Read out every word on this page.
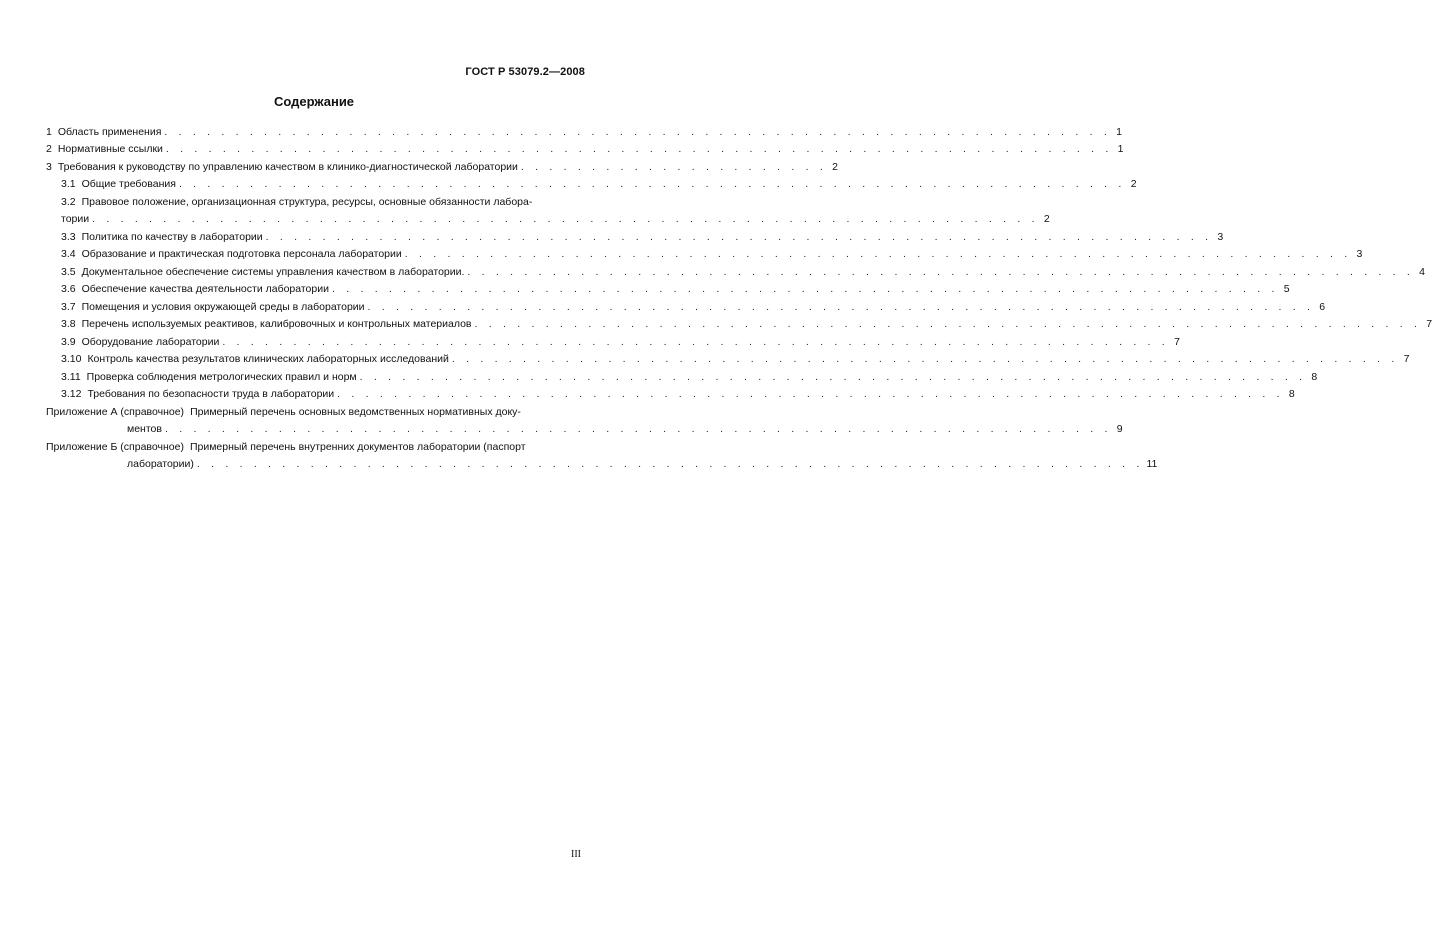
ГОСТ Р 53079.2—2008
Содержание
1 Область применения . . . . . . . . . . . . . . . . . . . . . . . . . . . . . . . . . . . . . . . . . . . . . . . . . . . . . . . . . . . . . . . . . . . 1
2 Нормативные ссылки . . . . . . . . . . . . . . . . . . . . . . . . . . . . . . . . . . . . . . . . . . . . . . . . . . . . . . . . . . . . . . . . . . . 1
3 Требования к руководству по управлению качеством в клинико-диагностической лаборатории . . . . . . . . . . . . . . . . . . . . . . 2
3.1 Общие требования . . . . . . . . . . . . . . . . . . . . . . . . . . . . . . . . . . . . . . . . . . . . . . . . . . . . . . . . . . . . . . . . . . . 2
3.2 Правовое положение, организационная структура, ресурсы, основные обязанности лабора-
тории . . . . . . . . . . . . . . . . . . . . . . . . . . . . . . . . . . . . . . . . . . . . . . . . . . . . . . . . . . . . . . . . . . . 2
3.3 Политика по качеству в лаборатории . . . . . . . . . . . . . . . . . . . . . . . . . . . . . . . . . . . . . . . . . . . . . . . . . . . . . . . . . . . . . . . . . . . 3
3.4 Образование и практическая подготовка персонала лаборатории . . . . . . . . . . . . . . . . . . . . . . . . . . . . . . . . . . . . . . . . . . . . . . . . . . . . . . . . . . . . . . . . . . . 3
3.5 Документальное обеспечение системы управления качеством в лаборатории. . . . . . . . . . . . . . . . . . . . . . . . . . . . . . . . . . . . . . . . . . . . . . . . . . . . . . . . . . . . . . . . . . . . 4
3.6 Обеспечение качества деятельности лаборатории . . . . . . . . . . . . . . . . . . . . . . . . . . . . . . . . . . . . . . . . . . . . . . . . . . . . . . . . . . . . . . . . . . . 5
3.7 Помещения и условия окружающей среды в лаборатории . . . . . . . . . . . . . . . . . . . . . . . . . . . . . . . . . . . . . . . . . . . . . . . . . . . . . . . . . . . . . . . . . . . 6
3.8 Перечень используемых реактивов, калибровочных и контрольных материалов . . . . . . . . . . . . . . . . . . . . . . . . . . . . . . . . . . . . . . . . . . . . . . . . . . . . . . . . . . . . . . . . . . . 7
3.9 Оборудование лаборатории . . . . . . . . . . . . . . . . . . . . . . . . . . . . . . . . . . . . . . . . . . . . . . . . . . . . . . . . . . . . . . . . . . . 7
3.10 Контроль качества результатов клинических лабораторных исследований . . . . . . . . . . . . . . . . . . . . . . . . . . . . . . . . . . . . . . . . . . . . . . . . . . . . . . . . . . . . . . . . . . . 7
3.11 Проверка соблюдения метрологических правил и норм . . . . . . . . . . . . . . . . . . . . . . . . . . . . . . . . . . . . . . . . . . . . . . . . . . . . . . . . . . . . . . . . . . . 8
3.12 Требования по безопасности труда в лаборатории . . . . . . . . . . . . . . . . . . . . . . . . . . . . . . . . . . . . . . . . . . . . . . . . . . . . . . . . . . . . . . . . . . . 8
Приложение А (справочное) Примерный перечень основных ведомственных нормативных доку-
ментов . . . . . . . . . . . . . . . . . . . . . . . . . . . . . . . . . . . . . . . . . . . . . . . . . . . . . . . . . . . . . . . . . . . 9
Приложение Б (справочное) Примерный перечень внутренних документов лаборатории (паспорт
лаборатории) . . . . . . . . . . . . . . . . . . . . . . . . . . . . . . . . . . . . . . . . . . . . . . . . . . . . . . . . . . . . . . . . . . . 11
III
